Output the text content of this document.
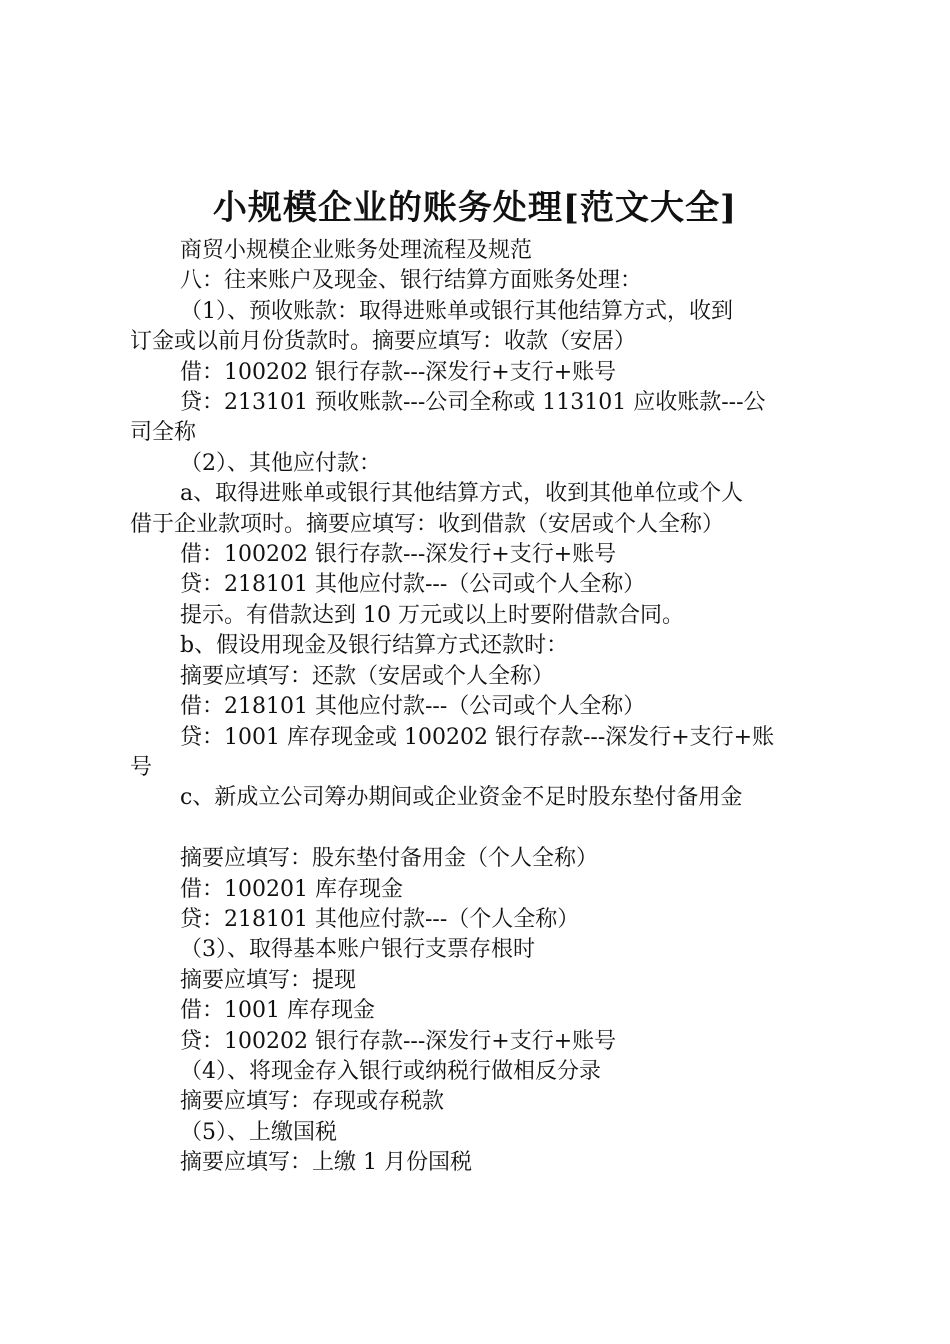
小规模企业的账务处理[范文大全]

商贸小规模企业账务处理流程及规范

八：往来账户及现金、银行结算方面账务处理：

（1）、预收账款：取得进账单或银行其他结算方式，收到

订金或以前月份货款时。摘要应填写：收款（安居）

借：100202 银行存款---深发行+支行+账号

贷：213101 预收账款---公司全称或 113101 应收账款---公

司全称

（2）、其他应付款：

a、取得进账单或银行其他结算方式，收到其他单位或个人

借于企业款项时。摘要应填写：收到借款（安居或个人全称）

借：100202 银行存款---深发行+支行+账号

贷：218101 其他应付款---（公司或个人全称）

提示。有借款达到 10 万元或以上时要附借款合同。

b、假设用现金及银行结算方式还款时：

摘要应填写：还款（安居或个人全称）

借：218101 其他应付款---（公司或个人全称）

贷：1001 库存现金或 100202 银行存款---深发行+支行+账

号

c、新成立公司筹办期间或企业资金不足时股东垫付备用金

摘要应填写：股东垫付备用金（个人全称）

借：100201 库存现金

贷：218101 其他应付款---（个人全称）

（3）、取得基本账户银行支票存根时

摘要应填写：提现

借：1001 库存现金

贷：100202 银行存款---深发行+支行+账号

（4）、将现金存入银行或纳税行做相反分录

摘要应填写：存现或存税款

（5）、上缴国税

摘要应填写：上缴 1 月份国税
